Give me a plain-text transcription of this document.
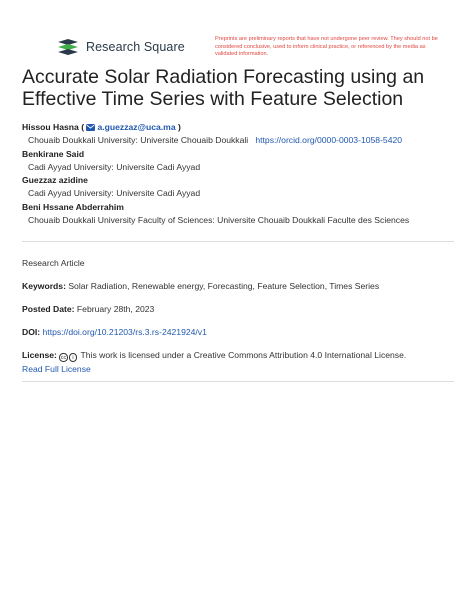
Research Square
Preprints are preliminary reports that have not undergone peer review. They should not be considered conclusive, used to inform clinical practice, or referenced by the media as validated information.
Accurate Solar Radiation Forecasting using an Effective Time Series with Feature Selection
Hissou Hasna ( a.guezzaz@uca.ma )
Chouaib Doukkali University: Universite Chouaib Doukkali https://orcid.org/0000-0003-1058-5420
Benkirane Said
Cadi Ayyad University: Universite Cadi Ayyad
Guezzaz azidine
Cadi Ayyad University: Universite Cadi Ayyad
Beni Hssane Abderrahim
Chouaib Doukkali University Faculty of Sciences: Universite Chouaib Doukkali Faculte des Sciences
Research Article
Keywords: Solar Radiation, Renewable energy, Forecasting, Feature Selection, Times Series
Posted Date: February 28th, 2023
DOI: https://doi.org/10.21203/rs.3.rs-2421924/v1
License: cc i This work is licensed under a Creative Commons Attribution 4.0 International License.
Read Full License
